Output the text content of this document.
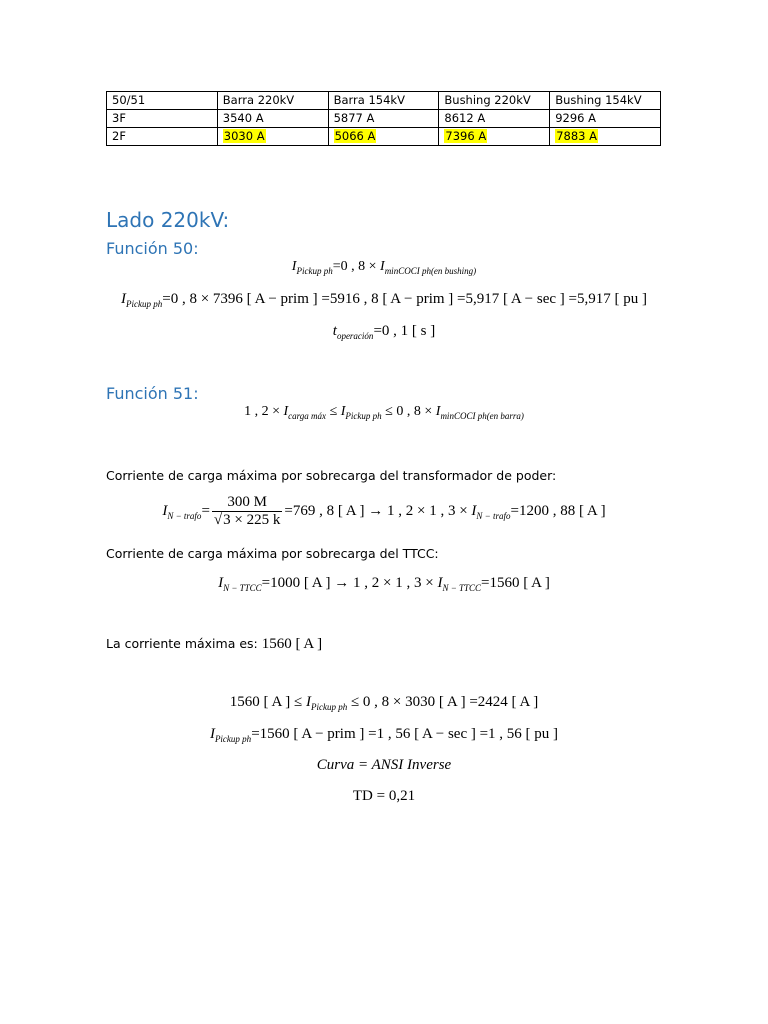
50/51	Barra 220kV	Barra 154kV	Bushing 220kV	Bushing 154kV
3F	3540 A	5877 A	8612 A	9296 A
2F	3030 A	5066 A	7396 A	7883 A
Lado 220kV:
Función 50:
$I_{Pickup ph}=0$ , $8 \times I_{minCOCI ph(en bushing)}$
$I_{Pickup ph}=0$ , 8 × 7396 [ A − prim ] =5916 , 8 [ A − prim ] =5,917 [ A − sec ] =5,917 [ pu ]
$t_{operación}=0$ , 1 [ s ]
Función 51:
1 , $2 \times I_{carga máx} \le I_{Pickup ph} \le 0$ , $8 \times I_{minCOCI ph(en barra)}$
Corriente de carga máxima por sobrecarga del transformador de poder:
$I_{N - trafo}= \frac{300 M}{√3 \times 225 k} =769$ , 8 [ A ] → 1 , 2 × 1 , $3 \times I_{N - trafo}=1200$ , 88 [ A ]
Corriente de carga máxima por sobrecarga del TTCC:
$I_{N - TTCC}=1000$ [ A ] → 1 , 2 × 1 , $3 \times I_{N - TTCC}=1560$ [ A ]
La corriente máxima es: 1560 [ A ]
1560 [ A ] ≤ $I_{Pickup ph} \le 0$ , 8 × 3030 [ A ] =2424 [ A ]
$I_{Pickup ph}=1560$ [ A − prim ] =1 , 56 [ A − sec ] =1 , 56 [ pu ]
Curva = ANSI Inverse
TD = 0,21
